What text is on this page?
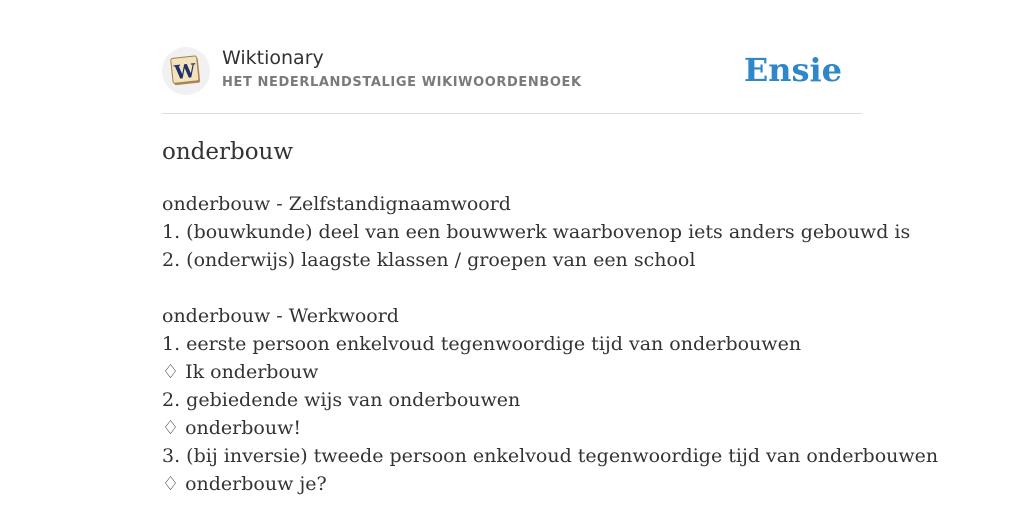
W
Wiktionary
HET NEDERLANDSTALIGE WIKIWOORDENBOEK	Ensie
onderbouw
onderbouw - Zelfstandignaamwoord
1. (bouwkunde) deel van een bouwwerk waarbovenop iets anders gebouwd is
2. (onderwijs) laagste klassen / groepen van een school
onderbouw - Werkwoord
1. eerste persoon enkelvoud tegenwoordige tijd van onderbouwen
♢ Ik onderbouw
2. gebiedende wijs van onderbouwen
♢ onderbouw!
3. (bij inversie) tweede persoon enkelvoud tegenwoordige tijd van onderbouwen
♢ onderbouw je?
